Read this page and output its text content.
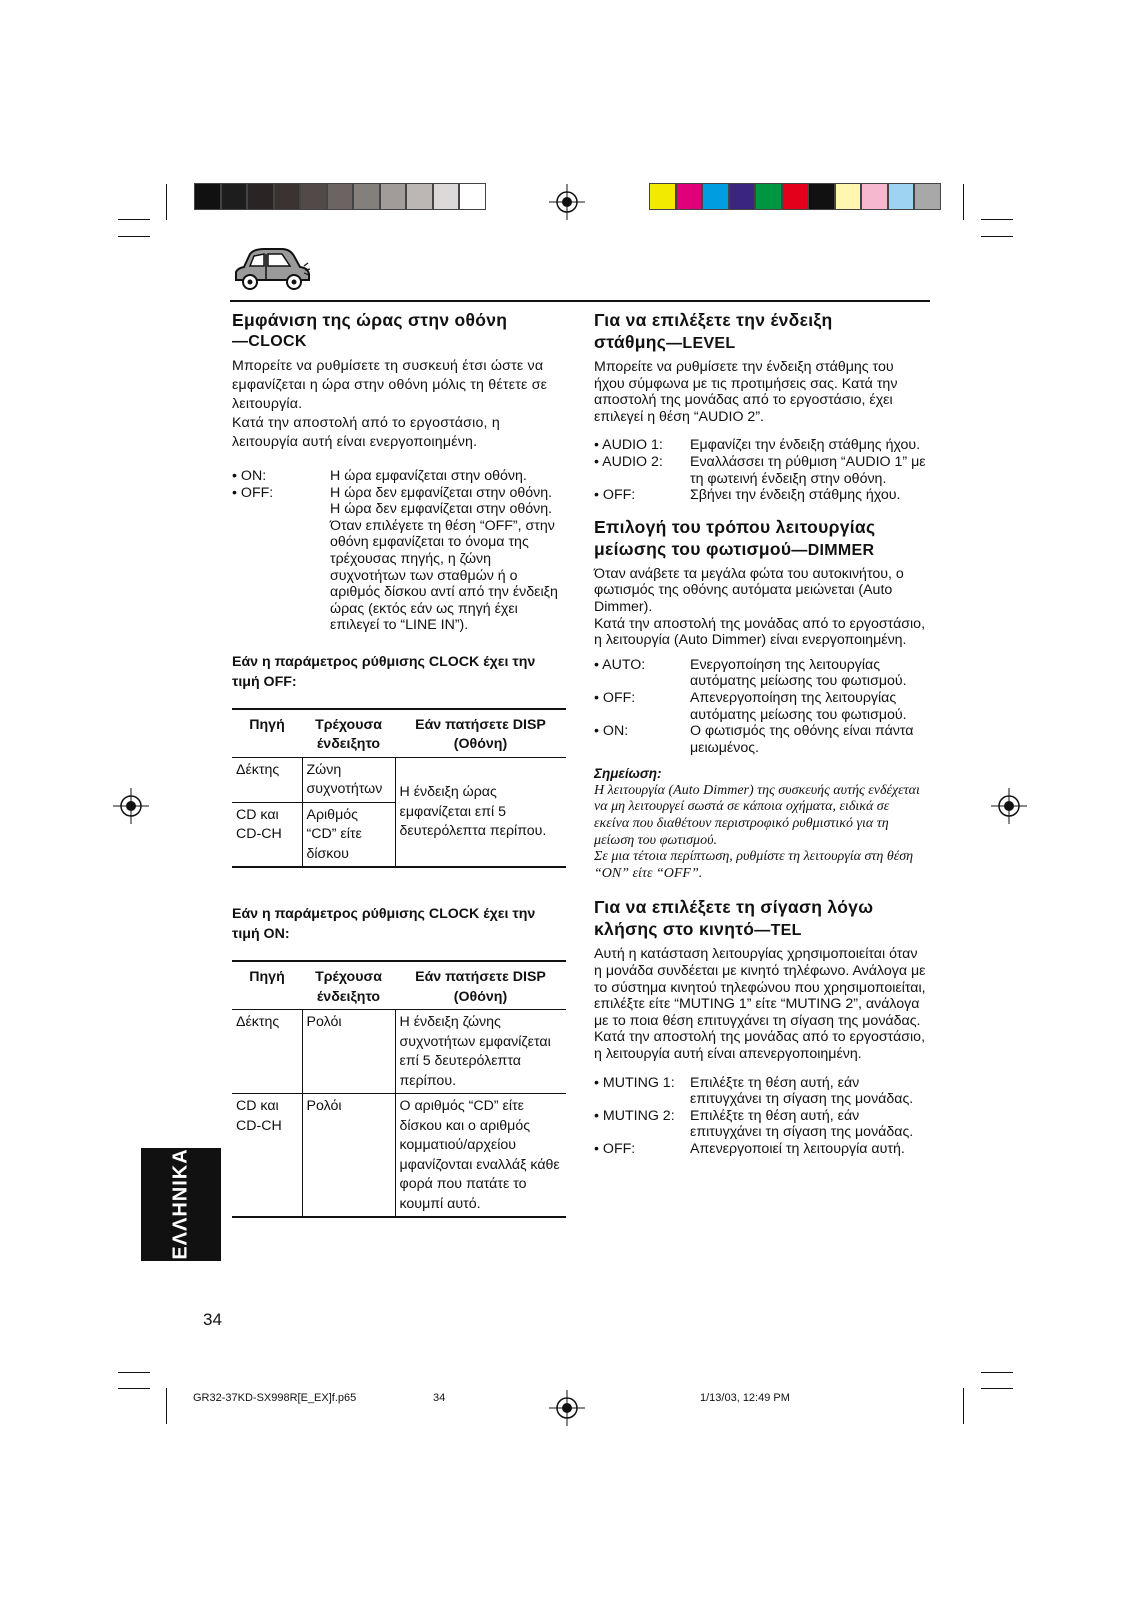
Εμφάνιση της ώρας στην οθόνη
—CLOCK

Μπορείτε να ρυθμίσετε τη συσκευή έτσι ώστε να εμφανίζεται η ώρα στην οθόνη μόλις τη θέτετε σε λειτουργία.

Κατά την αποστολή από το εργοστάσιο, η λειτουργία αυτή είναι ενεργοποιημένη.

• ON:	Η ώρα εμφανίζεται στην οθόνη.
• OFF:	Η ώρα δεν εμφανίζεται στην οθόνη. Η ώρα δεν εμφανίζεται στην οθόνη. Όταν επιλέγετε τη θέση “OFF”, στην οθόνη εμφανίζεται το όνομα της τρέχουσας πηγής, η ζώνη συχνοτήτων των σταθμών ή ο αριθμός δίσκου αντί από την ένδειξη ώρας (εκτός εάν ως πηγή έχει επιλεγεί το “LINE IN”).

Εάν η παράμετρος ρύθμισης CLOCK έχει την τιμή OFF:

Πηγή	Τρέχουσα ένδειξητο	Εάν πατήσετε DISP (Οθόνη)
Δέκτης	Ζώνη συχνοτήτων	Η ένδειξη ώρας εμφανίζεται επί 5 δευτερόλεπτα περίπου.
CD και CD-CH	Αριθμός “CD” είτε δίσκου	

Εάν η παράμετρος ρύθμισης CLOCK έχει την τιμή ON:

Πηγή	Τρέχουσα ένδειξητο	Εάν πατήσετε DISP (Οθόνη)
Δέκτης	Ρολόι	Η ένδειξη ζώνης συχνοτήτων εμφανίζεται επί 5 δευτερόλεπτα περίπου.
CD και CD-CH	Ρολόι	Ο αριθμός “CD” είτε δίσκου και ο αριθμός κομματιού/αρχείου μφανίζονται εναλλάξ κάθε φορά που πατάτε το κουμπί αυτό.
Για να επιλέξετε την ένδειξη
στάθμης—LEVEL

Μπορείτε να ρυθμίσετε την ένδειξη στάθμης του ήχου σύμφωνα με τις προτιμήσεις σας. Κατά την αποστολή της μονάδας από το εργοστάσιο, έχει επιλεγεί η θέση “AUDIO 2”.

• AUDIO 1:	Εμφανίζει την ένδειξη στάθμης ήχου.
• AUDIO 2:	Εναλλάσσει τη ρύθμιση “AUDIO 1” με τη φωτεινή ένδειξη στην οθόνη.
• OFF:	Σβήνει την ένδειξη στάθμης ήχου.
Επιλογή του τρόπου λειτουργίας
μείωσης του φωτισμού—DIMMER

Όταν ανάβετε τα μεγάλα φώτα του αυτοκινήτου, ο φωτισμός της οθόνης αυτόματα μειώνεται (Auto Dimmer).

Κατά την αποστολή της μονάδας από το εργοστάσιο, η λειτουργία (Auto Dimmer) είναι ενεργοποιημένη.

• AUTO:	Ενεργοποίηση της λειτουργίας αυτόματης μείωσης του φωτισμού.
• OFF:	Απενεργοποίηση της λειτουργίας αυτόματης μείωσης του φωτισμού.
• ON:	Ο φωτισμός της οθόνης είναι πάντα μειωμένος.

Σημείωση:

Η λειτουργία (Auto Dimmer) της συσκευής αυτής ενδέχεται να μη λειτουργεί σωστά σε κάποια οχήματα, ειδικά σε εκείνα που διαθέτουν περιστροφικό ρυθμιστικό για τη μείωση του φωτισμού.

Σε μια τέτοια περίπτωση, ρυθμίστε τη λειτουργία στη θέση “ON” είτε “OFF”.

Για να επιλέξετε τη σίγαση λόγω
κλήσης στο κινητό—TEL

Αυτή η κατάσταση λειτουργίας χρησιμοποιείται όταν η μονάδα συνδέεται με κινητό τηλέφωνο. Ανάλογα με το σύστημα κινητού τηλεφώνου που χρησιμοποιείται, επιλέξτε είτε “MUTING 1” είτε “MUTING 2”, ανάλογα με το ποια θέση επιτυγχάνει τη σίγαση της μονάδας.

Κατά την αποστολή της μονάδας από το εργοστάσιο, η λειτουργία αυτή είναι απενεργοποιημένη.

• MUTING 1:	Επιλέξτε τη θέση αυτή, εάν επιτυγχάνει τη σίγαση της μονάδας.
• MUTING 2:	Επιλέξτε τη θέση αυτή, εάν επιτυγχάνει τη σίγαση της μονάδας.
• OFF:	Απενεργοποιεί τη λειτουργία αυτή.
ΕΛΛΗΝΙΚΑ
34
GR32-37KD-SX998R[E_EX]f.p65	34	1/13/03, 12:49 PM
